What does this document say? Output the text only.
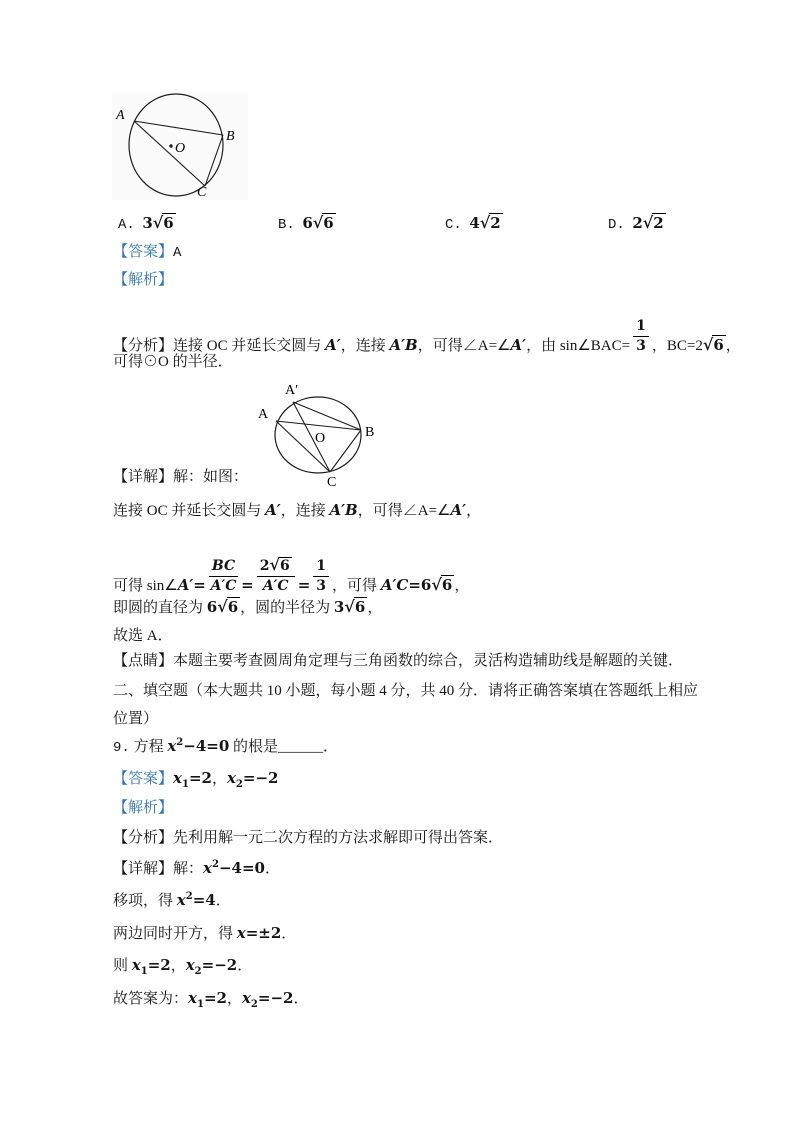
A
B
C
O
A. 3√6	B. 6√6	C. 4√2	D. 2√2
【答案】A
【解析】
【分析】连接 OC 并延长交圆与 A′，连接 A′B，可得∠A=∠A′，由 sin∠BAC= $\frac{1}{3}$ ，BC=2√6 ，
可得⊙O 的半径．
A′
A
B
C
O
【详解】解：如图：
连接 OC 并延长交圆与 A′，连接 A′B，可得∠A=∠A′，
可得 sin∠A′= $\frac{BC}{A'C} = \frac{2√6}{A'C} = \frac{1}{3}$ ，可得 A′C=6√6 ，
即圆的直径为 6√6 ，圆的半径为 3√6 ，
故选 A．
【点睛】本题主要考查圆周角定理与三角函数的综合，灵活构造辅助线是解题的关键．
二、填空题（本大题共 10 小题，每小题 4 分，共 40 分．请将正确答案填在答题纸上相应
位置）
9. 方程 $x^2-4=0$ 的根是______．
【答案】$x_1=2$，$x_2=-2$
【解析】
【分析】先利用解一元二次方程的方法求解即可得出答案．
【详解】解：$x^2-4=0$．
移项，得 $x^2=4$．
两边同时开方，得 x=±2．
则 $x_1=2$，$x_2=-2$．
故答案为：$x_1=2$，$x_2=-2$．
